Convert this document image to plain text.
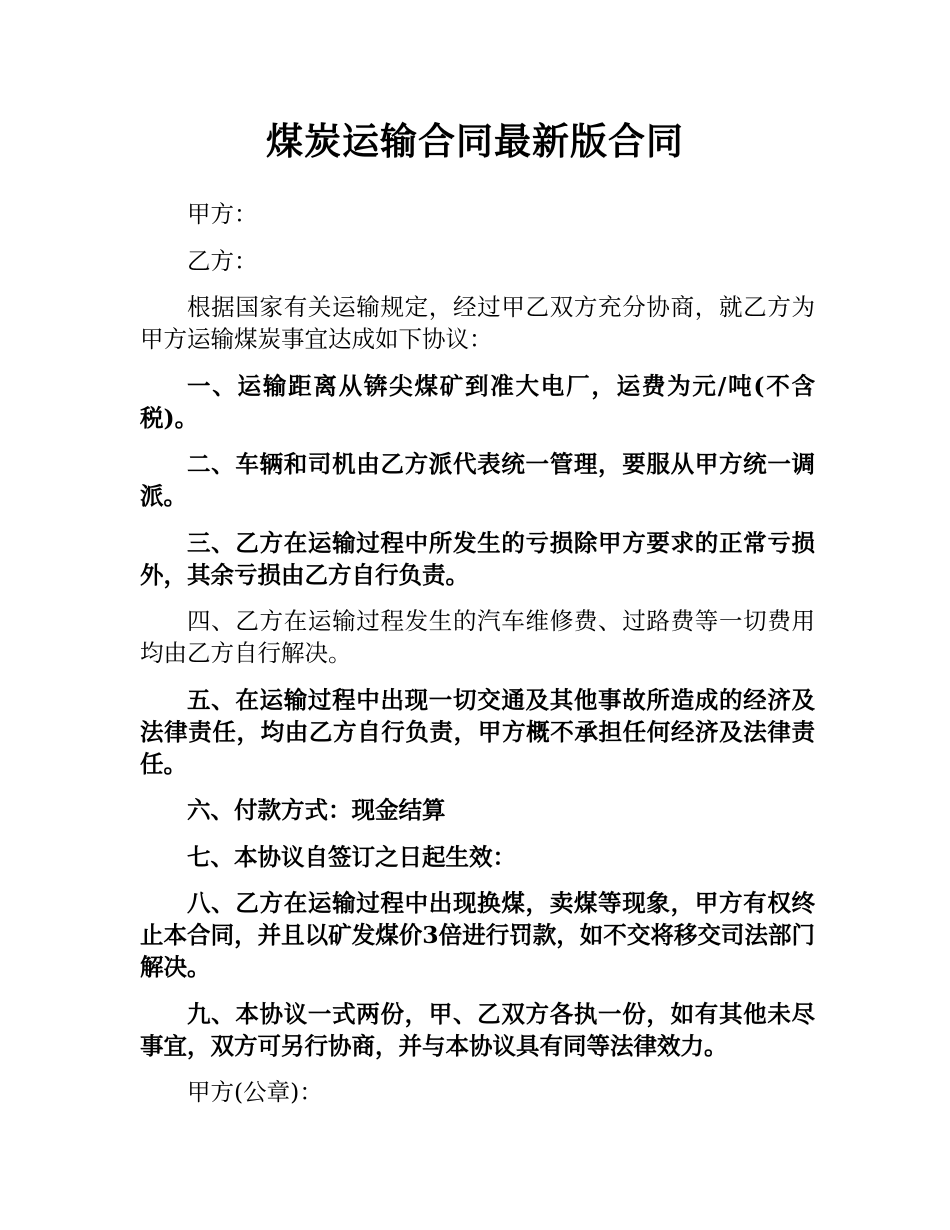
煤炭运输合同最新版合同

甲方：

乙方：

根据国家有关运输规定，经过甲乙双方充分协商，就乙方为甲方运输煤炭事宜达成如下协议：

一、运输距离从锛尖煤矿到准大电厂，运费为元/吨(不含税)。

二、车辆和司机由乙方派代表统一管理，要服从甲方统一调派。

三、乙方在运输过程中所发生的亏损除甲方要求的正常亏损外，其余亏损由乙方自行负责。

四、乙方在运输过程发生的汽车维修费、过路费等一切费用均由乙方自行解决。

五、在运输过程中出现一切交通及其他事故所造成的经济及法律责任，均由乙方自行负责，甲方概不承担任何经济及法律责任。

六、付款方式：现金结算

七、本协议自签订之日起生效：

八、乙方在运输过程中出现换煤，卖煤等现象，甲方有权终止本合同，并且以矿发煤价3倍进行罚款，如不交将移交司法部门解决。

九、本协议一式两份，甲、乙双方各执一份，如有其他未尽事宜，双方可另行协商，并与本协议具有同等法律效力。

甲方(公章)：
